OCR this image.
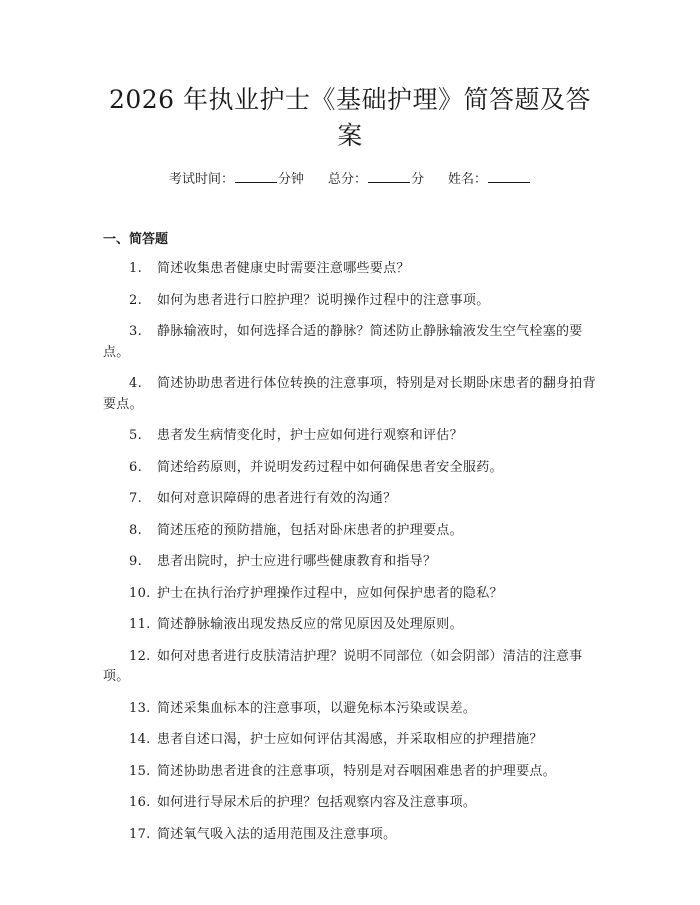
2026 年执业护士《基础护理》简答题及答案
考试时间：	分钟 总分：	分 姓名：
一、简答题
1. 简述收集患者健康史时需要注意哪些要点？
2. 如何为患者进行口腔护理？说明操作过程中的注意事项。
3. 静脉输液时，如何选择合适的静脉？简述防止静脉输液发生空气栓塞的要点。
4. 简述协助患者进行体位转换的注意事项，特别是对长期卧床患者的翻身拍背要点。
5. 患者发生病情变化时，护士应如何进行观察和评估？
6. 简述给药原则，并说明发药过程中如何确保患者安全服药。
7. 如何对意识障碍的患者进行有效的沟通？
8. 简述压疮的预防措施，包括对卧床患者的护理要点。
9. 患者出院时，护士应进行哪些健康教育和指导？
10. 护士在执行治疗护理操作过程中，应如何保护患者的隐私？
11. 简述静脉输液出现发热反应的常见原因及处理原则。
12. 如何对患者进行皮肤清洁护理？说明不同部位（如会阴部）清洁的注意事项。
13. 简述采集血标本的注意事项，以避免标本污染或误差。
14. 患者自述口渴，护士应如何评估其渴感，并采取相应的护理措施？
15. 简述协助患者进食的注意事项，特别是对吞咽困难患者的护理要点。
16. 如何进行导尿术后的护理？包括观察内容及注意事项。
17. 简述氧气吸入法的适用范围及注意事项。
